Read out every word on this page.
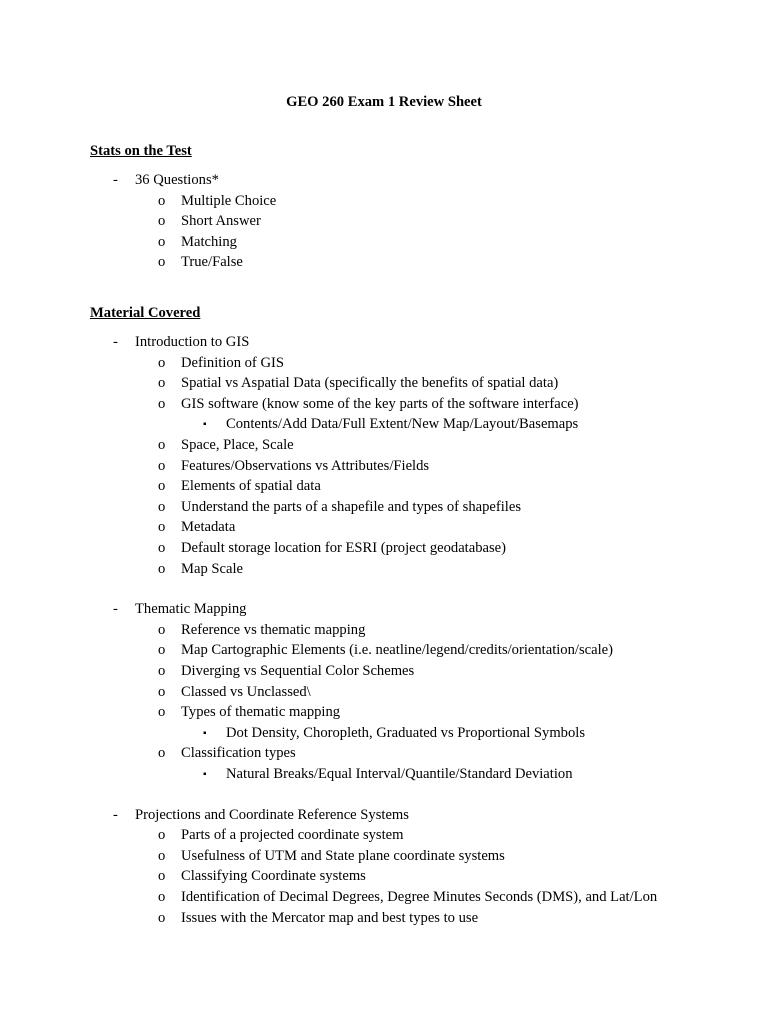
GEO 260 Exam 1 Review Sheet
Stats on the Test
- 36 Questions*
o Multiple Choice
o Short Answer
o Matching
o True/False
Material Covered
- Introduction to GIS
o Definition of GIS
o Spatial vs Aspatial Data (specifically the benefits of spatial data)
o GIS software (know some of the key parts of the software interface)
▪ Contents/Add Data/Full Extent/New Map/Layout/Basemaps
o Space, Place, Scale
o Features/Observations vs Attributes/Fields
o Elements of spatial data
o Understand the parts of a shapefile and types of shapefiles
o Metadata
o Default storage location for ESRI (project geodatabase)
o Map Scale
- Thematic Mapping
o Reference vs thematic mapping
o Map Cartographic Elements (i.e. neatline/legend/credits/orientation/scale)
o Diverging vs Sequential Color Schemes
o Classed vs Unclassed\
o Types of thematic mapping
▪ Dot Density, Choropleth, Graduated vs Proportional Symbols
o Classification types
▪ Natural Breaks/Equal Interval/Quantile/Standard Deviation
- Projections and Coordinate Reference Systems
o Parts of a projected coordinate system
o Usefulness of UTM and State plane coordinate systems
o Classifying Coordinate systems
o Identification of Decimal Degrees, Degree Minutes Seconds (DMS), and Lat/Lon
o Issues with the Mercator map and best types to use
